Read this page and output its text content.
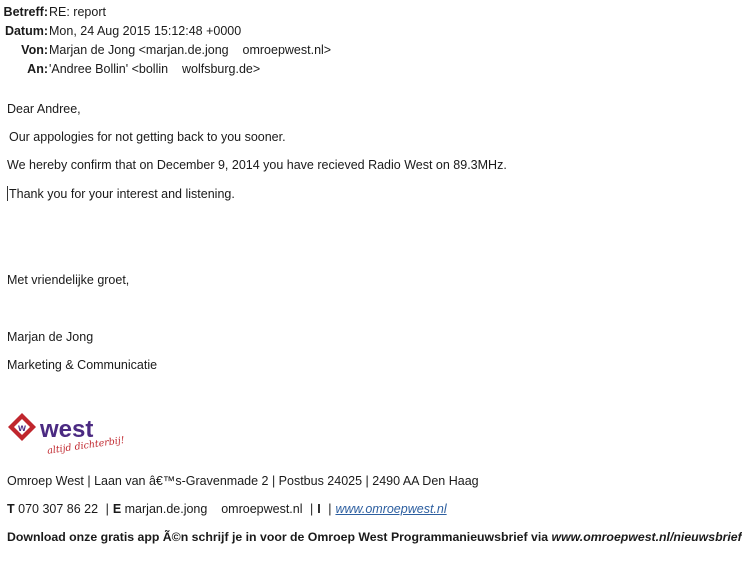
Betreff:RE: report
Datum:Mon, 24 Aug 2015 15:12:48 +0000
Von:Marjan de Jong <marjan.de.jong    omroepwest.nl>
An:'Andree Bollin' <bollin    wolfsburg.de>
Dear Andree,
Our appologies for not getting back to you sooner.
We hereby confirm that on December 9, 2014 you have recieved Radio West on 89.3MHz.
Thank you for your interest and listening.
Met vriendelijke groet,
Marjan de Jong
Marketing & Communicatie
w west
altijd dichterbij!
Omroep West | Laan van â€™s-Gravenmade 2 | Postbus 24025 | 2490 AA Den Haag
T 070 307 86 22 | E marjan.de.jong    omroepwest.nl | I | www.omroepwest.nl
Download onze gratis app Ã©n schrijf je in voor de Omroep West Programmanieuwsbrief via www.omroepwest.nl/nieuwsbrief
